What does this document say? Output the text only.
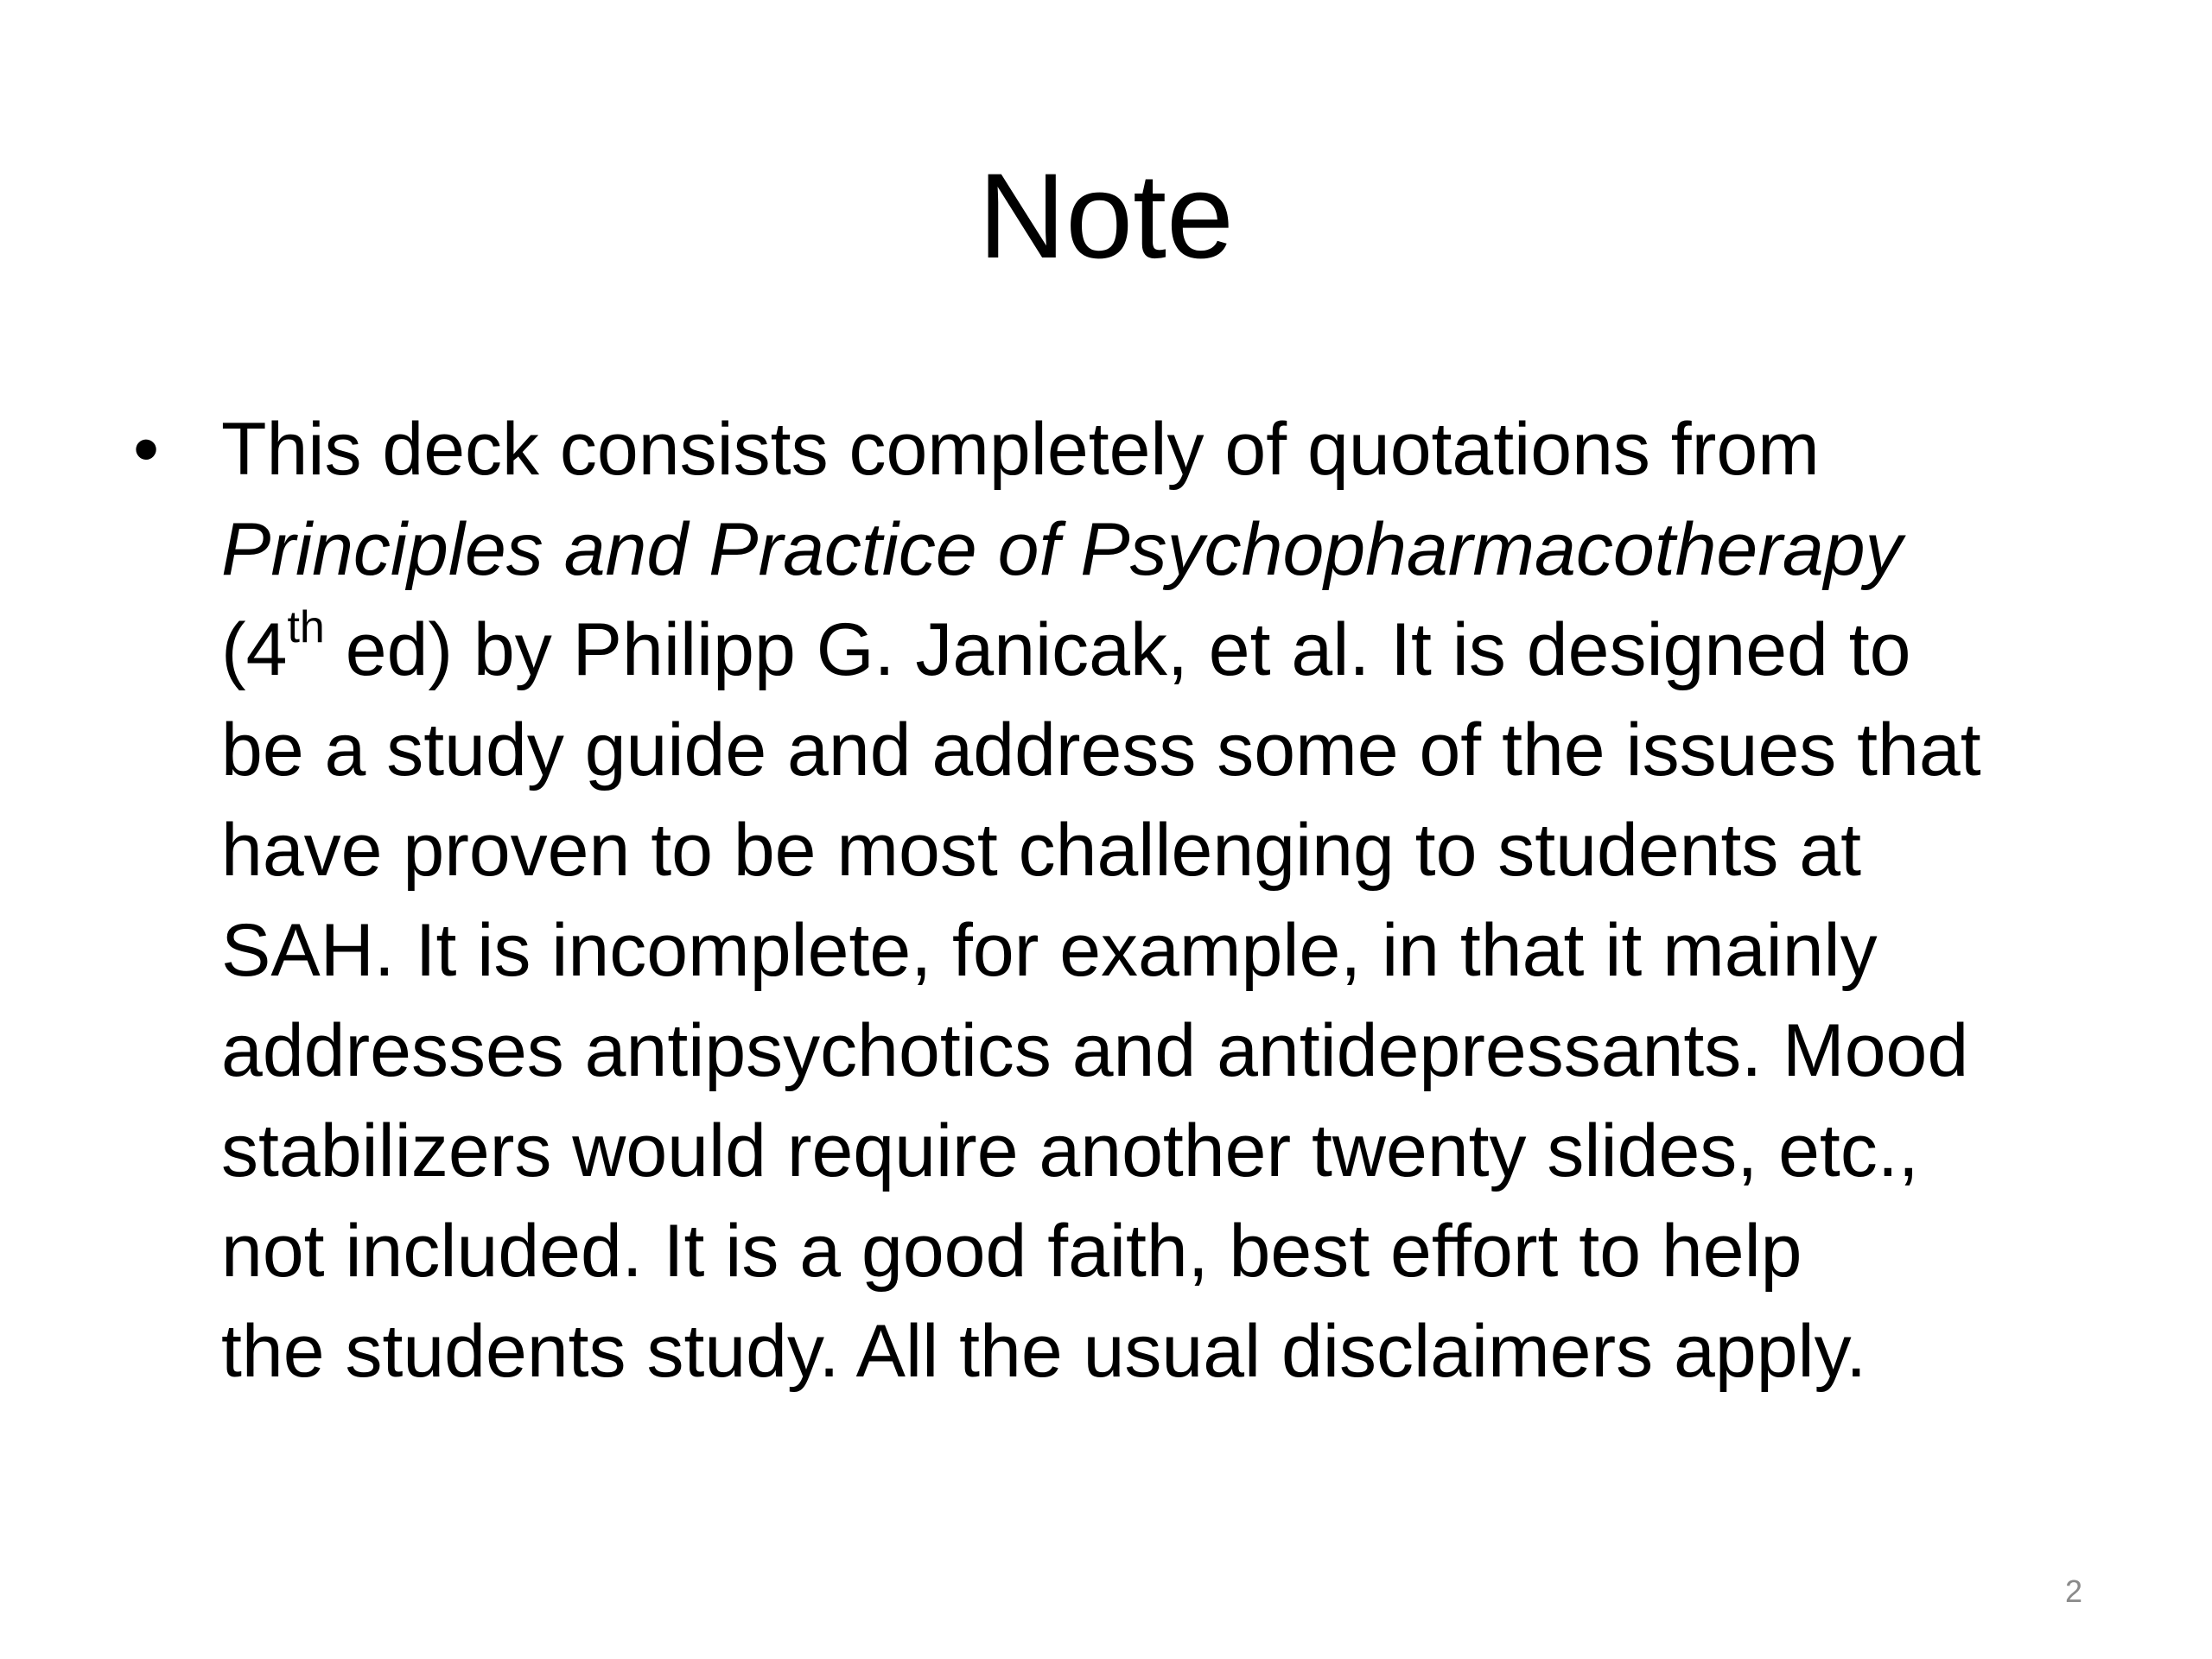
Note
• This deck consists completely of quotations from
Principles and Practice of Psychopharmacotherapy
(4th ed) by Philipp G. Janicak, et al. It is designed to
be a study guide and address some of the issues that
have proven to be most challenging to students at
SAH. It is incomplete, for example, in that it mainly
addresses antipsychotics and antidepressants. Mood
stabilizers would require another twenty slides, etc.,
not included. It is a good faith, best effort to help
the students study. All the usual disclaimers apply.
2
